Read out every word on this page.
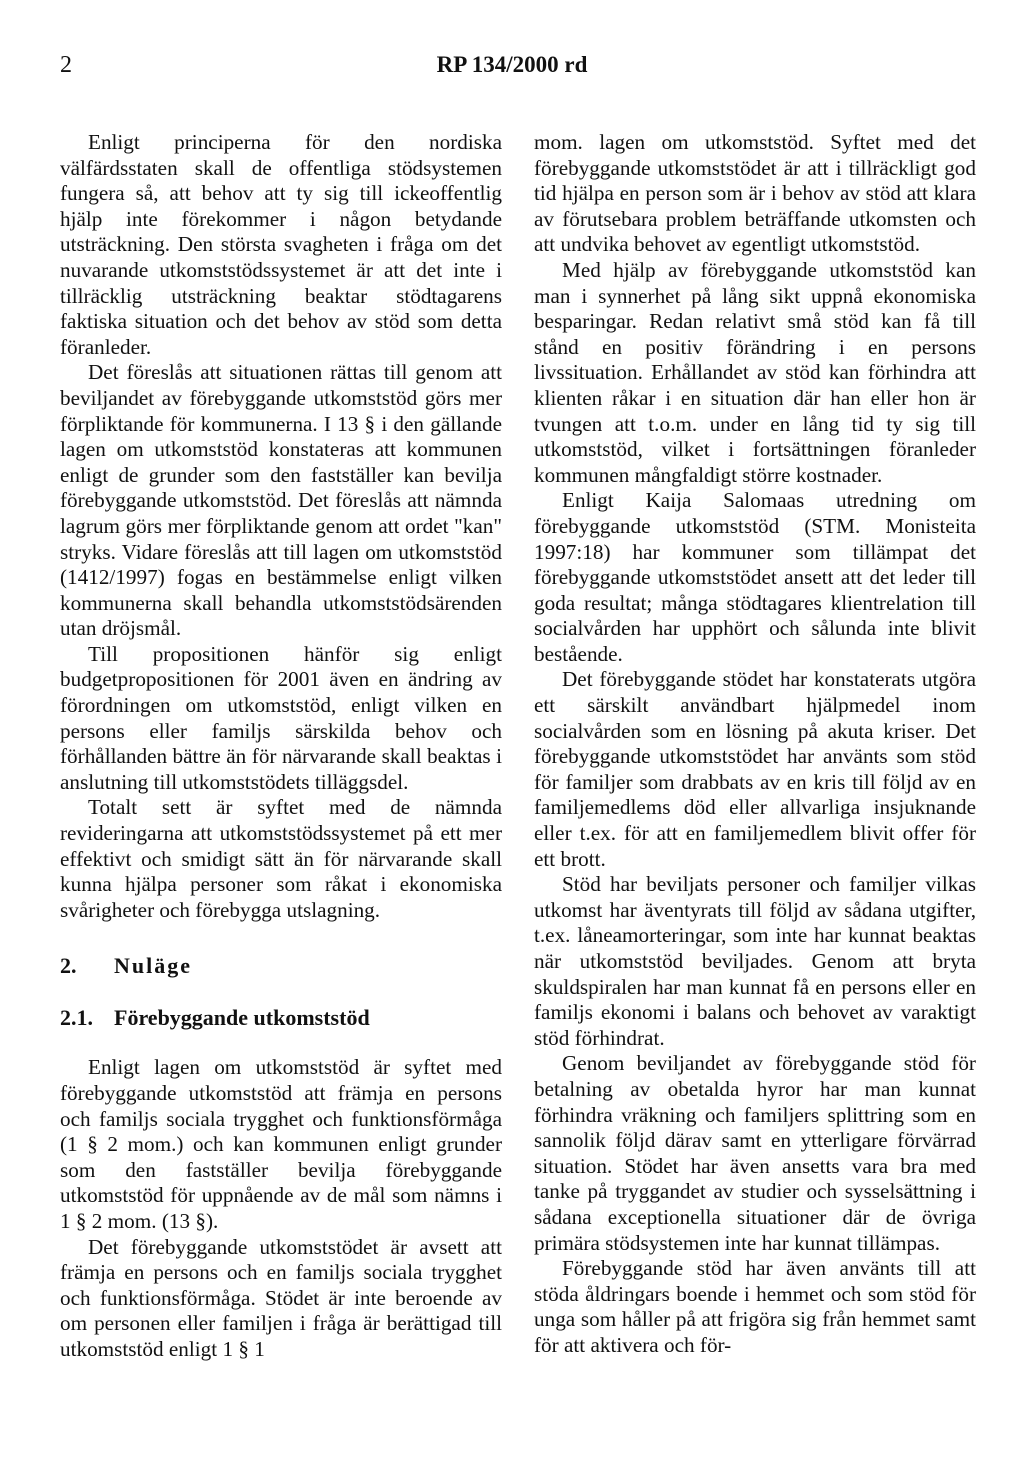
2	RP 134/2000 rd

Enligt principerna för den nordiska välfärdsstaten skall de offentliga stödsystemen fungera så, att behov att ty sig till ickeoffentlig hjälp inte förekommer i någon betydande utsträckning. Den största svagheten i fråga om det nuvarande utkomststödssystemet är att det inte i tillräcklig utsträckning beaktar stödtagarens faktiska situation och det behov av stöd som detta föranleder.

Det föreslås att situationen rättas till genom att beviljandet av förebyggande utkomststöd görs mer förpliktande för kommunerna. I 13 § i den gällande lagen om utkomststöd konstateras att kommunen enligt de grunder som den fastställer kan bevilja förebyggande utkomststöd. Det föreslås att nämnda lagrum görs mer förpliktande genom att ordet "kan" stryks. Vidare föreslås att till lagen om utkomststöd (1412/1997) fogas en bestämmelse enligt vilken kommunerna skall behandla utkomststödsärenden utan dröjsmål.

Till propositionen hänför sig enligt budgetpropositionen för 2001 även en ändring av förordningen om utkomststöd, enligt vilken en persons eller familjs särskilda behov och förhållanden bättre än för närvarande skall beaktas i anslutning till utkomststödets tilläggsdel.

Totalt sett är syftet med de nämnda revideringarna att utkomststödssystemet på ett mer effektivt och smidigt sätt än för närvarande skall kunna hjälpa personer som råkat i ekonomiska svårigheter och förebygga utslagning.

2. Nuläge
2.1. Förebyggande utkomststöd

Enligt lagen om utkomststöd är syftet med förebyggande utkomststöd att främja en persons och familjs sociala trygghet och funktionsförmåga (1 § 2 mom.) och kan kommunen enligt grunder som den fastställer bevilja förebyggande utkomststöd för uppnående av de mål som nämns i 1 § 2 mom. (13 §).

Det förebyggande utkomststödet är avsett att främja en persons och en familjs sociala trygghet och funktionsförmåga. Stödet är inte beroende av om personen eller familjen i fråga är berättigad till utkomststöd enligt 1 § 1

mom. lagen om utkomststöd. Syftet med det förebyggande utkomststödet är att i tillräckligt god tid hjälpa en person som är i behov av stöd att klara av förutsebara problem beträffande utkomsten och att undvika behovet av egentligt utkomststöd.

Med hjälp av förebyggande utkomststöd kan man i synnerhet på lång sikt uppnå ekonomiska besparingar. Redan relativt små stöd kan få till stånd en positiv förändring i en persons livssituation. Erhållandet av stöd kan förhindra att klienten råkar i en situation där han eller hon är tvungen att t.o.m. under en lång tid ty sig till utkomststöd, vilket i fortsättningen föranleder kommunen mångfaldigt större kostnader.

Enligt Kaija Salomaas utredning om förebyggande utkomststöd (STM. Monisteita 1997:18) har kommuner som tillämpat det förebyggande utkomststödet ansett att det leder till goda resultat; många stödtagares klientrelation till socialvården har upphört och sålunda inte blivit bestående.

Det förebyggande stödet har konstaterats utgöra ett särskilt användbart hjälpmedel inom socialvården som en lösning på akuta kriser. Det förebyggande utkomststödet har använts som stöd för familjer som drabbats av en kris till följd av en familjemedlems död eller allvarliga insjuknande eller t.ex. för att en familjemedlem blivit offer för ett brott.

Stöd har beviljats personer och familjer vilkas utkomst har äventyrats till följd av sådana utgifter, t.ex. låneamorteringar, som inte har kunnat beaktas när utkomststöd beviljades. Genom att bryta skuldspiralen har man kunnat få en persons eller en familjs ekonomi i balans och behovet av varaktigt stöd förhindrat.

Genom beviljandet av förebyggande stöd för betalning av obetalda hyror har man kunnat förhindra vräkning och familjers splittring som en sannolik följd därav samt en ytterligare förvärrad situation. Stödet har även ansetts vara bra med tanke på tryggandet av studier och sysselsättning i sådana exceptionella situationer där de övriga primära stödsystemen inte har kunnat tillämpas.

Förebyggande stöd har även använts till att stöda åldringars boende i hemmet och som stöd för unga som håller på att frigöra sig från hemmet samt för att aktivera och för-
